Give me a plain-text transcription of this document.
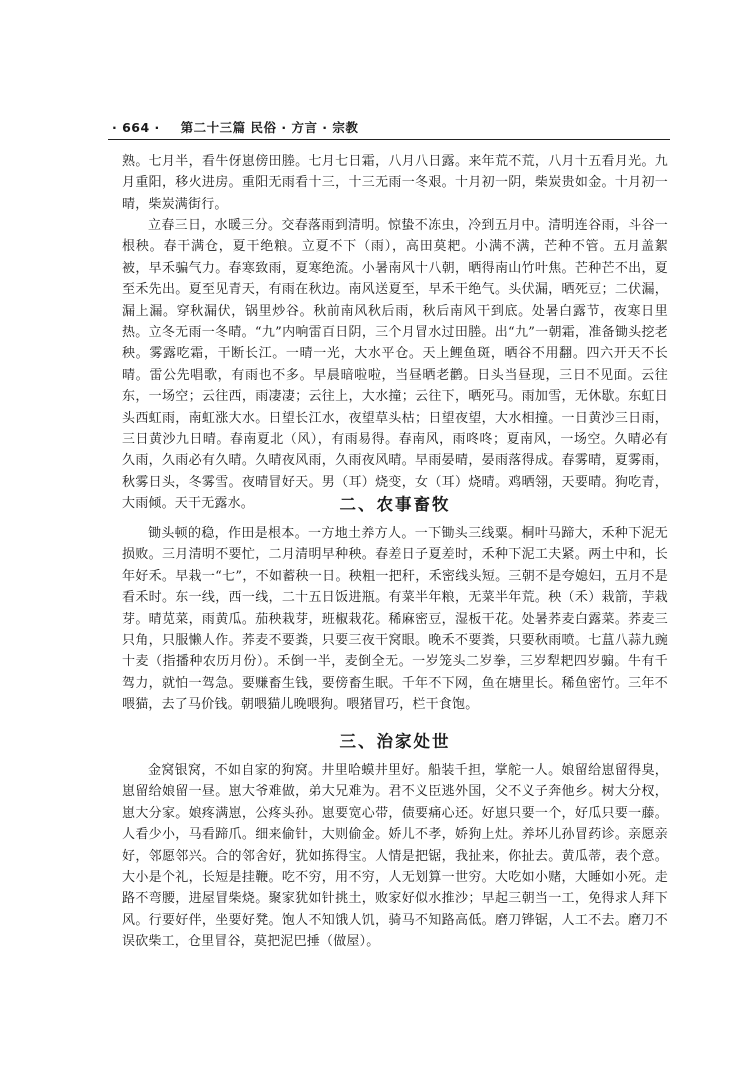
· 664 · 第二十三篇 民俗 · 方言 · 宗教

熟。七月半，看牛伢崽傍田塍。七月七日霜，八月八日露。来年荒不荒，八月十五看月光。九月重阳，移火进房。重阳无雨看十三，十三无雨一冬艰。十月初一阴，柴炭贵如金。十月初一晴，柴炭满街行。

立春三日，水暖三分。交春落雨到清明。惊蛰不冻虫，冷到五月中。清明连谷雨，斗谷一根秧。春干满仓，夏干绝粮。立夏不下（雨），高田莫耙。小满不满，芒种不管。五月盖絮被，早禾骗气力。春寒致雨，夏寒绝流。小暑南风十八朝，晒得南山竹叶焦。芒种芒不出，夏至禾先出。夏至见青天，有雨在秋边。南风送夏至，早禾干绝气。头伏漏，晒死豆；二伏漏，漏上漏。穿秋漏伏，锅里炒谷。秋前南风秋后雨，秋后南风干到底。处暑白露节，夜寒日里热。立冬无雨一冬晴。“九”内响雷百日阴，三个月冒水过田塍。出“九”一朝霜，准备锄头挖老秧。雾露吃霜，干断长江。一晴一光，大水平仓。天上鲤鱼斑，晒谷不用翻。四六开天不长晴。雷公先唱歌，有雨也不多。早晨暗啦啦，当昼晒老鹳。日头当昼现，三日不见面。云往东，一场空；云往西，雨凄凄；云往上，大水撞；云往下，晒死马。雨加雪，无休歇。东虹日头西虹雨，南虹涨大水。日望长江水，夜望草头枯；日望夜望，大水相撞。一日黄沙三日雨，三日黄沙九日晴。春南夏北（风），有雨易得。春南风，雨咚咚；夏南风，一场空。久晴必有久雨，久雨必有久晴。久晴夜风雨，久雨夜风晴。早雨晏晴，晏雨落得成。春雾晴，夏雾雨，秋雾日头，冬雾雪。夜晴冒好天。男（耳）烧变，女（耳）烧晴。鸡晒翎，天要晴。狗吃青，大雨倾。天干无露水。	二、农事畜牧

锄头顿的稳，作田是根本。一方地土养方人。一下锄头三线粟。桐叶马蹄大，禾种下泥无损败。三月清明不要忙，二月清明早种秧。春差日子夏差时，禾种下泥工夫紧。两土中和，长年好禾。早栽一“七”，不如蓄秧一日。秧粗一把秆，禾密线头短。三朝不是夸媳妇，五月不是看禾时。东一线，西一线，二十五日饭进瓶。有菜半年粮，无菜半年荒。秧（禾）栽箭，芋栽芽。晴苋菜，雨黄瓜。茄秧栽芽，班椒栽花。稀麻密豆，湿板干花。处暑荞麦白露菜。荞麦三只角，只服懒人作。荞麦不要粪，只要三夜干窝眼。晚禾不要粪，只要秋雨喷。七蒀八蒜九豌十麦（指播种农历月份）。禾倒一半，麦倒全无。一岁笼头二岁拳，三岁犁耙四岁骟。牛有千驾力，就怕一驾急。要赚畜生钱，要傍畜生眠。千年不下网，鱼在塘里长。稀鱼密竹。三年不喂猫，去了马价钱。朝喂猫儿晚喂狗。喂猪冒巧，栏干食饱。

三、治家处世

金窝银窝，不如自家的狗窝。井里哈蟆井里好。船装千担，掌舵一人。娘留给崽留得臭，崽留给娘留一昼。崽大爷难做，弟大兄难为。君不义臣逃外国，父不义子奔他乡。树大分杈，崽大分家。娘疼满崽，公疼头孙。崽要宽心带，债要痛心还。好崽只要一个，好瓜只要一藤。人看少小，马看蹄爪。细来偷针，大则偷金。娇儿不孝，娇狗上灶。养坏儿孙冒药诊。亲愿亲好，邻愿邻兴。合的邻舍好，犹如拣得宝。人情是把锯，我扯来，你扯去。黄瓜蒂，表个意。大小是个礼，长短是挂鞭。吃不穷，用不穷，人无划算一世穷。大吃如小赌，大睡如小死。走路不弯腰，进屋冒柴烧。聚家犹如针挑土，败家好似水推沙；早起三朝当一工，免得求人拜下风。行要好伴，坐要好凳。饱人不知饿人饥，骑马不知路高低。磨刀铧锯，人工不去。磨刀不误砍柴工，仓里冒谷，莫把泥巴捶（做屋）。
